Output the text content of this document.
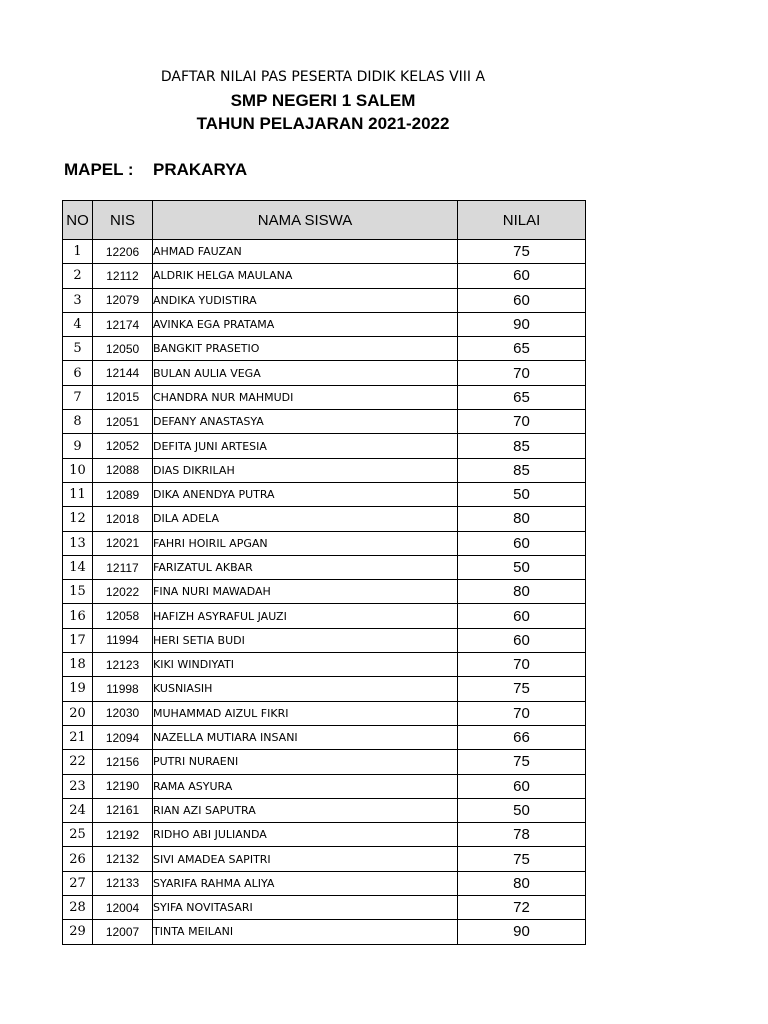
DAFTAR NILAI PAS PESERTA DIDIK KELAS VIII A
SMP NEGERI 1 SALEM
TAHUN PELAJARAN 2021-2022
MAPEL : PRAKARYA
NO	NIS	NAMA SISWA	NILAI
1	12206	AHMAD FAUZAN	75
2	12112	ALDRIK HELGA MAULANA	60
3	12079	ANDIKA YUDISTIRA	60
4	12174	AVINKA EGA PRATAMA	90
5	12050	BANGKIT PRASETIO	65
6	12144	BULAN AULIA VEGA	70
7	12015	CHANDRA NUR MAHMUDI	65
8	12051	DEFANY ANASTASYA	70
9	12052	DEFITA JUNI ARTESIA	85
10	12088	DIAS DIKRILAH	85
11	12089	DIKA ANENDYA PUTRA	50
12	12018	DILA ADELA	80
13	12021	FAHRI HOIRIL APGAN	60
14	12117	FARIZATUL AKBAR	50
15	12022	FINA NURI MAWADAH	80
16	12058	HAFIZH ASYRAFUL JAUZI	60
17	11994	HERI SETIA BUDI	60
18	12123	KIKI WINDIYATI	70
19	11998	KUSNIASIH	75
20	12030	MUHAMMAD AIZUL FIKRI	70
21	12094	NAZELLA MUTIARA INSANI	66
22	12156	PUTRI NURAENI	75
23	12190	RAMA ASYURA	60
24	12161	RIAN AZI SAPUTRA	50
25	12192	RIDHO ABI JULIANDA	78
26	12132	SIVI AMADEA SAPITRI	75
27	12133	SYARIFA RAHMA ALIYA	80
28	12004	SYIFA NOVITASARI	72
29	12007	TINTA MEILANI	90
